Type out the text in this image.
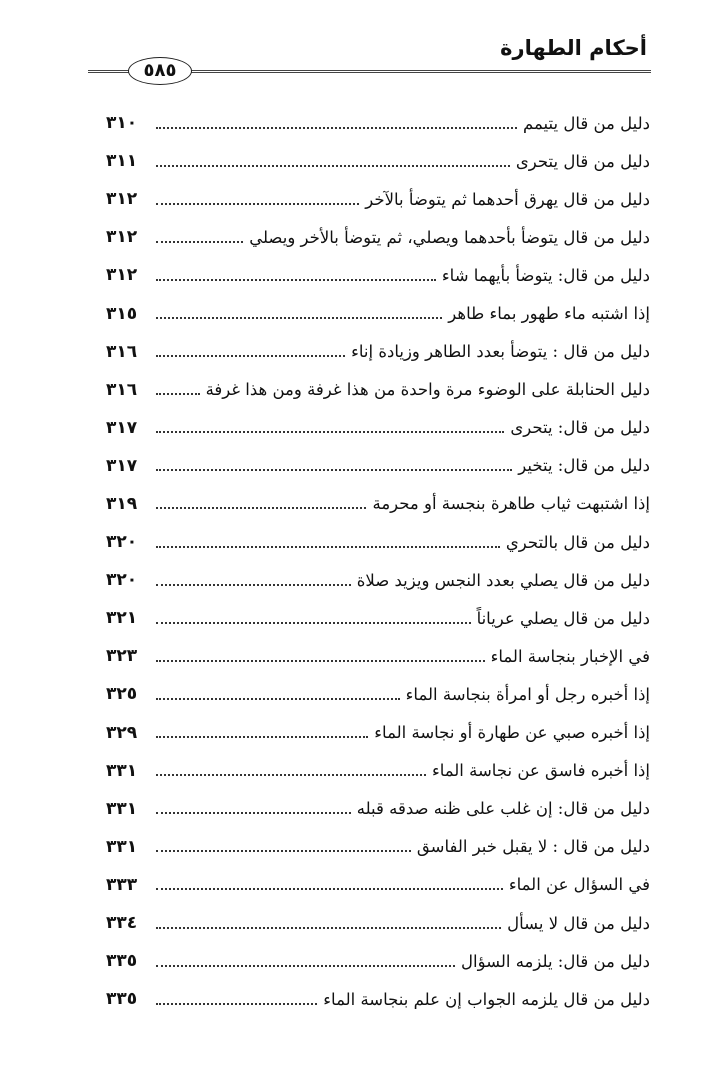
أحكام الطهارة
٥٨٥
دليل من قال يتيمم
٣١٠
دليل من قال يتحرى
٣١١
دليل من قال يهرق أحدهما ثم يتوضأ بالآخر
٣١٢
دليل من قال يتوضأ بأحدهما ويصلي، ثم يتوضأ بالأخر ويصلي
٣١٢
دليل من قال: يتوضأ بأيهما شاء
٣١٢
إذا اشتبه ماء طهور بماء طاهر
٣١٥
دليل من قال : يتوضأ بعدد الطاهر وزيادة إناء
٣١٦
دليل الحنابلة على الوضوء مرة واحدة من هذا غرفة ومن هذا غرفة
٣١٦
دليل من قال: يتحرى
٣١٧
دليل من قال: يتخير
٣١٧
إذا اشتبهت ثياب طاهرة بنجسة أو محرمة
٣١٩
دليل من قال بالتحري
٣٢٠
دليل من قال يصلي بعدد النجس ويزيد صلاة
٣٢٠
دليل من قال يصلي عرياناً
٣٢١
في الإخبار بنجاسة الماء
٣٢٣
إذا أخبره رجل أو امرأة بنجاسة الماء
٣٢٥
إذا أخبره صبي عن طهارة أو نجاسة الماء
٣٢٩
إذا أخبره فاسق عن نجاسة الماء
٣٣١
دليل من قال: إن غلب على ظنه صدقه قبله
٣٣١
دليل من قال : لا يقبل خبر الفاسق
٣٣١
في السؤال عن الماء
٣٣٣
دليل من قال لا يسأل
٣٣٤
دليل من قال: يلزمه السؤال
٣٣٥
دليل من قال يلزمه الجواب إن علم بنجاسة الماء
٣٣٥
